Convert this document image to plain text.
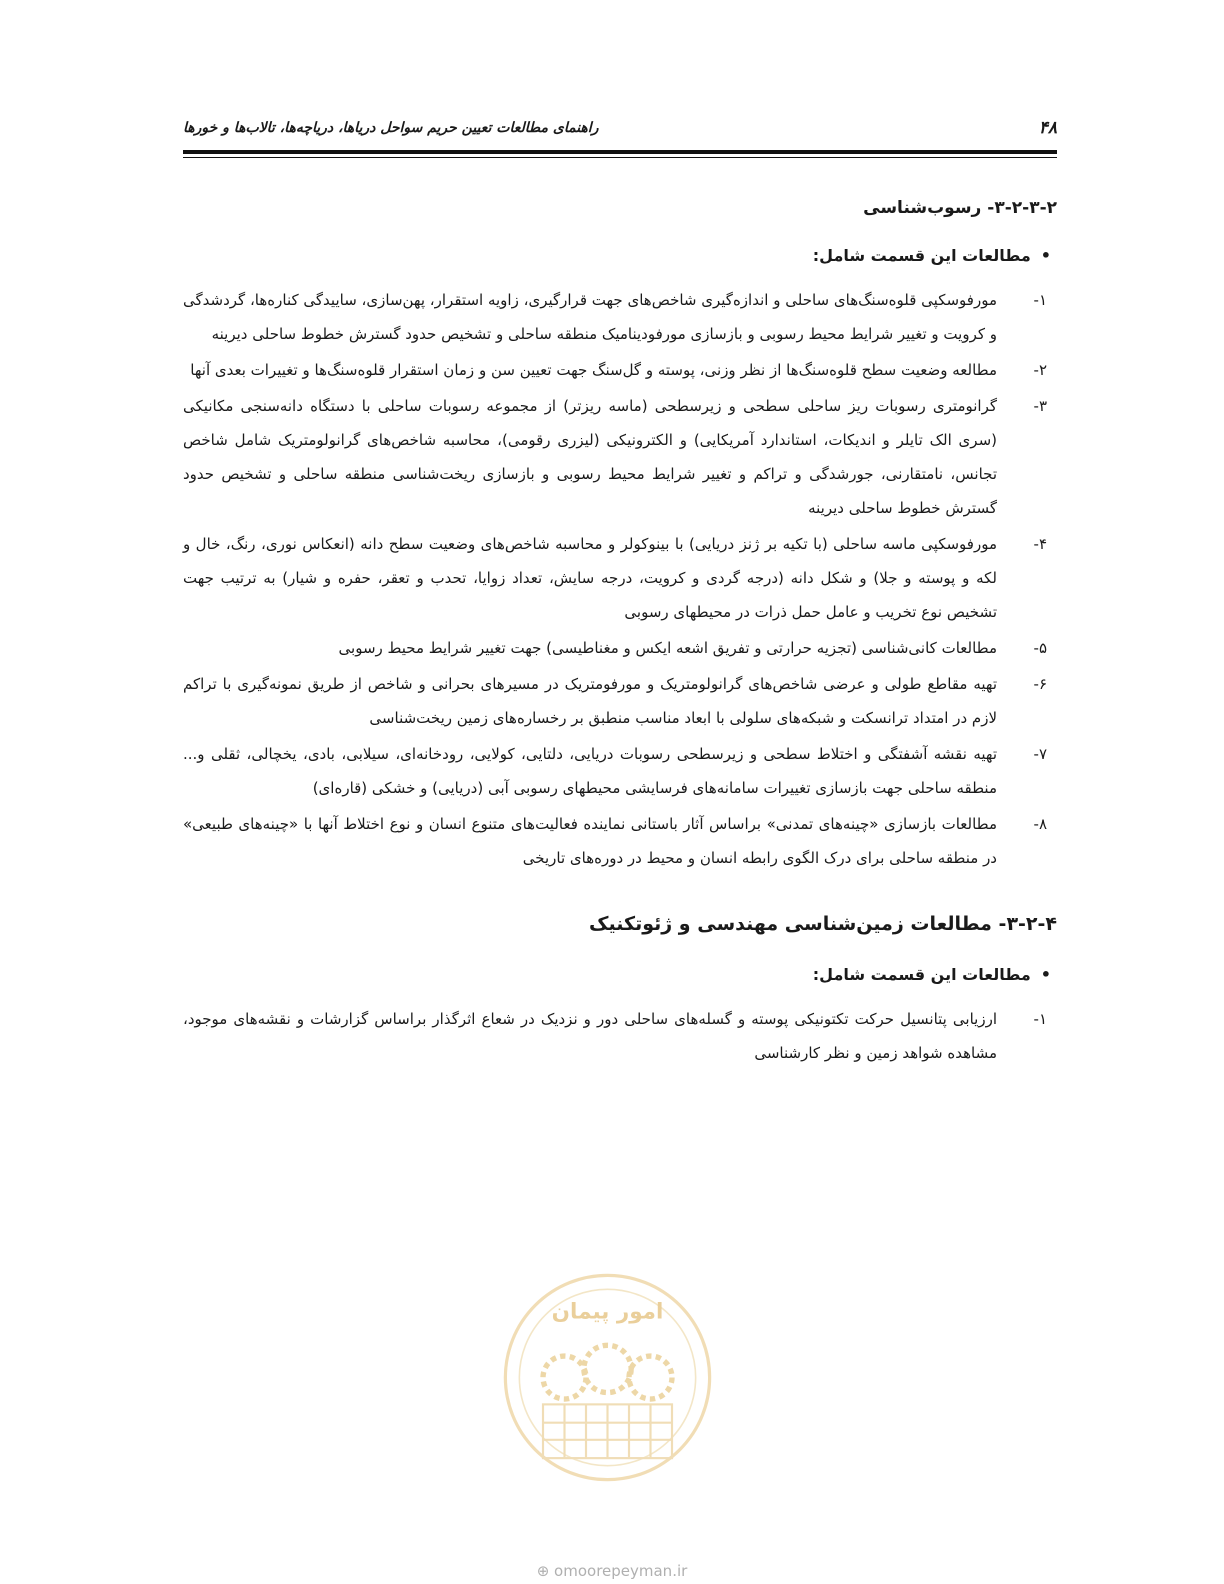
۴۸
راهنمای مطالعات تعیین حریم سواحل دریاها، دریاچه‌ها، تالاب‌ها و خورها
۳-۲-۳-۲- رسوب‌شناسی
•مطالعات این قسمت شامل:
۱-
مورفوسکپی قلوه‌سنگ‌های ساحلی و اندازه‌گیری شاخص‌های جهت قرارگیری، زاویه استقرار، پهن‌سازی، ساییدگی کناره‌ها، گردشدگی و کرویت و تغییر شرایط محیط رسوبی و بازسازی مورفودینامیک منطقه ساحلی و تشخیص حدود گسترش خطوط ساحلی دیرینه
۲-
مطالعه وضعیت سطح قلوه‌سنگ‌ها از نظر وزنی، پوسته و گل‌سنگ جهت تعیین سن و زمان استقرار قلوه‌سنگ‌ها و تغییرات بعدی آنها
۳-
گرانومتری رسوبات ریز ساحلی سطحی و زیرسطحی (ماسه ریزتر) از مجموعه رسوبات ساحلی با دستگاه دانه‌سنجی مکانیکی (سری الک تایلر و اندیکات، استاندارد آمریکایی) و الکترونیکی (لیزری رقومی)، محاسبه شاخص‌های گرانولومتریک شامل شاخص تجانس، نامتقارنی، جورشدگی و تراکم و تغییر شرایط محیط رسوبی و بازسازی ریخت‌شناسی منطقه ساحلی و تشخیص حدود گسترش خطوط ساحلی دیرینه
۴-
مورفوسکپی ماسه ساحلی (با تکیه بر ژنز دریایی) با بینوکولر و محاسبه شاخص‌های وضعیت سطح دانه (انعکاس نوری، رنگ، خال و لکه و پوسته و جلا) و شکل دانه (درجه گردی و کرویت، درجه سایش، تعداد زوایا، تحدب و تعقر، حفره و شیار) به ترتیب جهت تشخیص نوع تخریب و عامل حمل ذرات در محیطهای رسوبی
۵-
مطالعات کانی‌شناسی (تجزیه حرارتی و تفریق اشعه ایکس و مغناطیسی) جهت تغییر شرایط محیط رسوبی
۶-
تهیه مقاطع طولی و عرضی شاخص‌های گرانولومتریک و مورفومتریک در مسیرهای بحرانی و شاخص از طریق نمونه‌گیری با تراکم لازم در امتداد ترانسکت و شبکه‌های سلولی با ابعاد مناسب منطبق بر رخساره‌های زمین ریخت‌شناسی
۷-
تهیه نقشه آشفتگی و اختلاط سطحی و زیرسطحی رسوبات دریایی، دلتایی، کولایی، رودخانه‌ای، سیلابی، بادی، یخچالی، ثقلی و... منطقه ساحلی جهت بازسازی تغییرات سامانه‌های فرسایشی محیطهای رسوبی آبی (دریایی) و خشکی (قاره‌ای)
۸-
مطالعات بازسازی «چینه‌های تمدنی» براساس آثار باستانی نماینده فعالیت‌های متنوع انسان و نوع اختلاط آنها با «چینه‌های طبیعی» در منطقه ساحلی برای درک الگوی رابطه انسان و محیط در دوره‌های تاریخی
۳-۲-۴- مطالعات زمین‌شناسی مهندسی و ژئوتکنیک
•مطالعات این قسمت شامل:
۱-
ارزیابی پتانسیل حرکت تکتونیکی پوسته و گسله‌های ساحلی دور و نزدیک در شعاع اثرگذار براساس گزارشات و نقشه‌های موجود، مشاهده شواهد زمین و نظر کارشناسی
امور پیمان
⊕ omoorepeyman.ir
